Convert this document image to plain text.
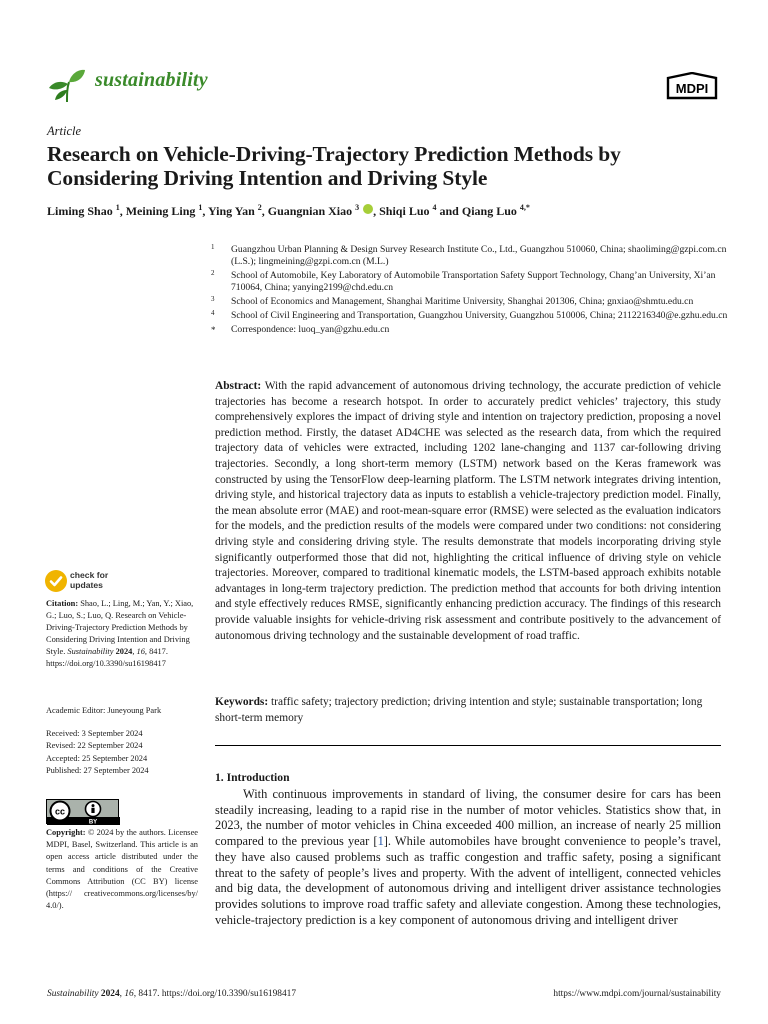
sustainability	MDPI
Article
Research on Vehicle-Driving-Trajectory Prediction Methods by Considering Driving Intention and Driving Style
Liming Shao $^1$, Meining Ling $^1$, Ying Yan $^2$, Guangnian Xiao $^3$ , Shiqi Luo $^4$ and Qiang Luo $^{4,*}$
1 Guangzhou Urban Planning & Design Survey Research Institute Co., Ltd., Guangzhou 510060, China; shaoliming@gzpi.com.cn (L.S.); lingmeining@gzpi.com.cn (M.L.)
2 School of Automobile, Key Laboratory of Automobile Transportation Safety Support Technology, Chang’an University, Xi’an 710064, China; yanying2199@chd.edu.cn
3 School of Economics and Management, Shanghai Maritime University, Shanghai 201306, China; gnxiao@shmtu.edu.cn
4 School of Civil Engineering and Transportation, Guangzhou University, Guangzhou 510006, China; 2112216340@e.gzhu.edu.cn
* Correspondence: luoq_yan@gzhu.edu.cn
Abstract: With the rapid advancement of autonomous driving technology, the accurate prediction of vehicle trajectories has become a research hotspot. In order to accurately predict vehicles’ trajectory, this study comprehensively explores the impact of driving style and intention on trajectory prediction, proposing a novel prediction method. Firstly, the dataset AD4CHE was selected as the research data, from which the required trajectory data of vehicles were extracted, including 1202 lane-changing and 1137 car-following driving trajectories. Secondly, a long short-term memory (LSTM) network based on the Keras framework was constructed by using the TensorFlow deep-learning platform. The LSTM network integrates driving intention, driving style, and historical trajectory data as inputs to establish a vehicle-trajectory prediction model. Finally, the mean absolute error (MAE) and root-mean-square error (RMSE) were selected as the evaluation indicators for the models, and the prediction results of the models were compared under two conditions: not considering driving style and considering driving style. The results demonstrate that models incorporating driving style significantly outperformed those that did not, highlighting the critical influence of driving style on vehicle trajectories. Moreover, compared to traditional kinematic models, the LSTM-based approach exhibits notable advantages in long-term trajectory prediction. The prediction method that accounts for both driving intention and style effectively reduces RMSE, significantly enhancing prediction accuracy. The findings of this research provide valuable insights for vehicle-driving risk assessment and contribute positively to the advancement of autonomous driving technology and the sustainable development of road traffic.
Keywords: traffic safety; trajectory prediction; driving intention and style; sustainable transportation; long short-term memory
1. Introduction
With continuous improvements in standard of living, the consumer desire for cars has been steadily increasing, leading to a rapid rise in the number of motor vehicles. Statistics show that, in 2023, the number of motor vehicles in China exceeded 400 million, an increase of nearly 25 million compared to the previous year [1]. While automobiles have brought convenience to people’s travel, they have also caused problems such as traffic congestion and traffic safety, posing a significant threat to the safety of people’s lives and property. With the advent of intelligent, connected vehicles and big data, the development of autonomous driving and intelligent driver assistance technologies provides solutions to improve road traffic safety and alleviate congestion. Among these technologies, vehicle-trajectory prediction is a key component of autonomous driving and intelligent driver
check for
updates
Citation: Shao, L.; Ling, M.; Yan, Y.; Xiao, G.; Luo, S.; Luo, Q. Research on Vehicle-Driving-Trajectory Prediction Methods by Considering Driving Intention and Driving Style. Sustainability 2024, 16, 8417. https://doi.org/10.3390/su16198417
Academic Editor: Juneyoung Park
Received: 3 September 2024
Revised: 22 September 2024
Accepted: 25 September 2024
Published: 27 September 2024
cc
BY
Copyright: © 2024 by the authors. Licensee MDPI, Basel, Switzerland. This article is an open access article distributed under the terms and conditions of the Creative Commons Attribution (CC BY) license (https:// creativecommons.org/licenses/by/ 4.0/).
Sustainability 2024, 16, 8417. https://doi.org/10.3390/su16198417	https://www.mdpi.com/journal/sustainability
